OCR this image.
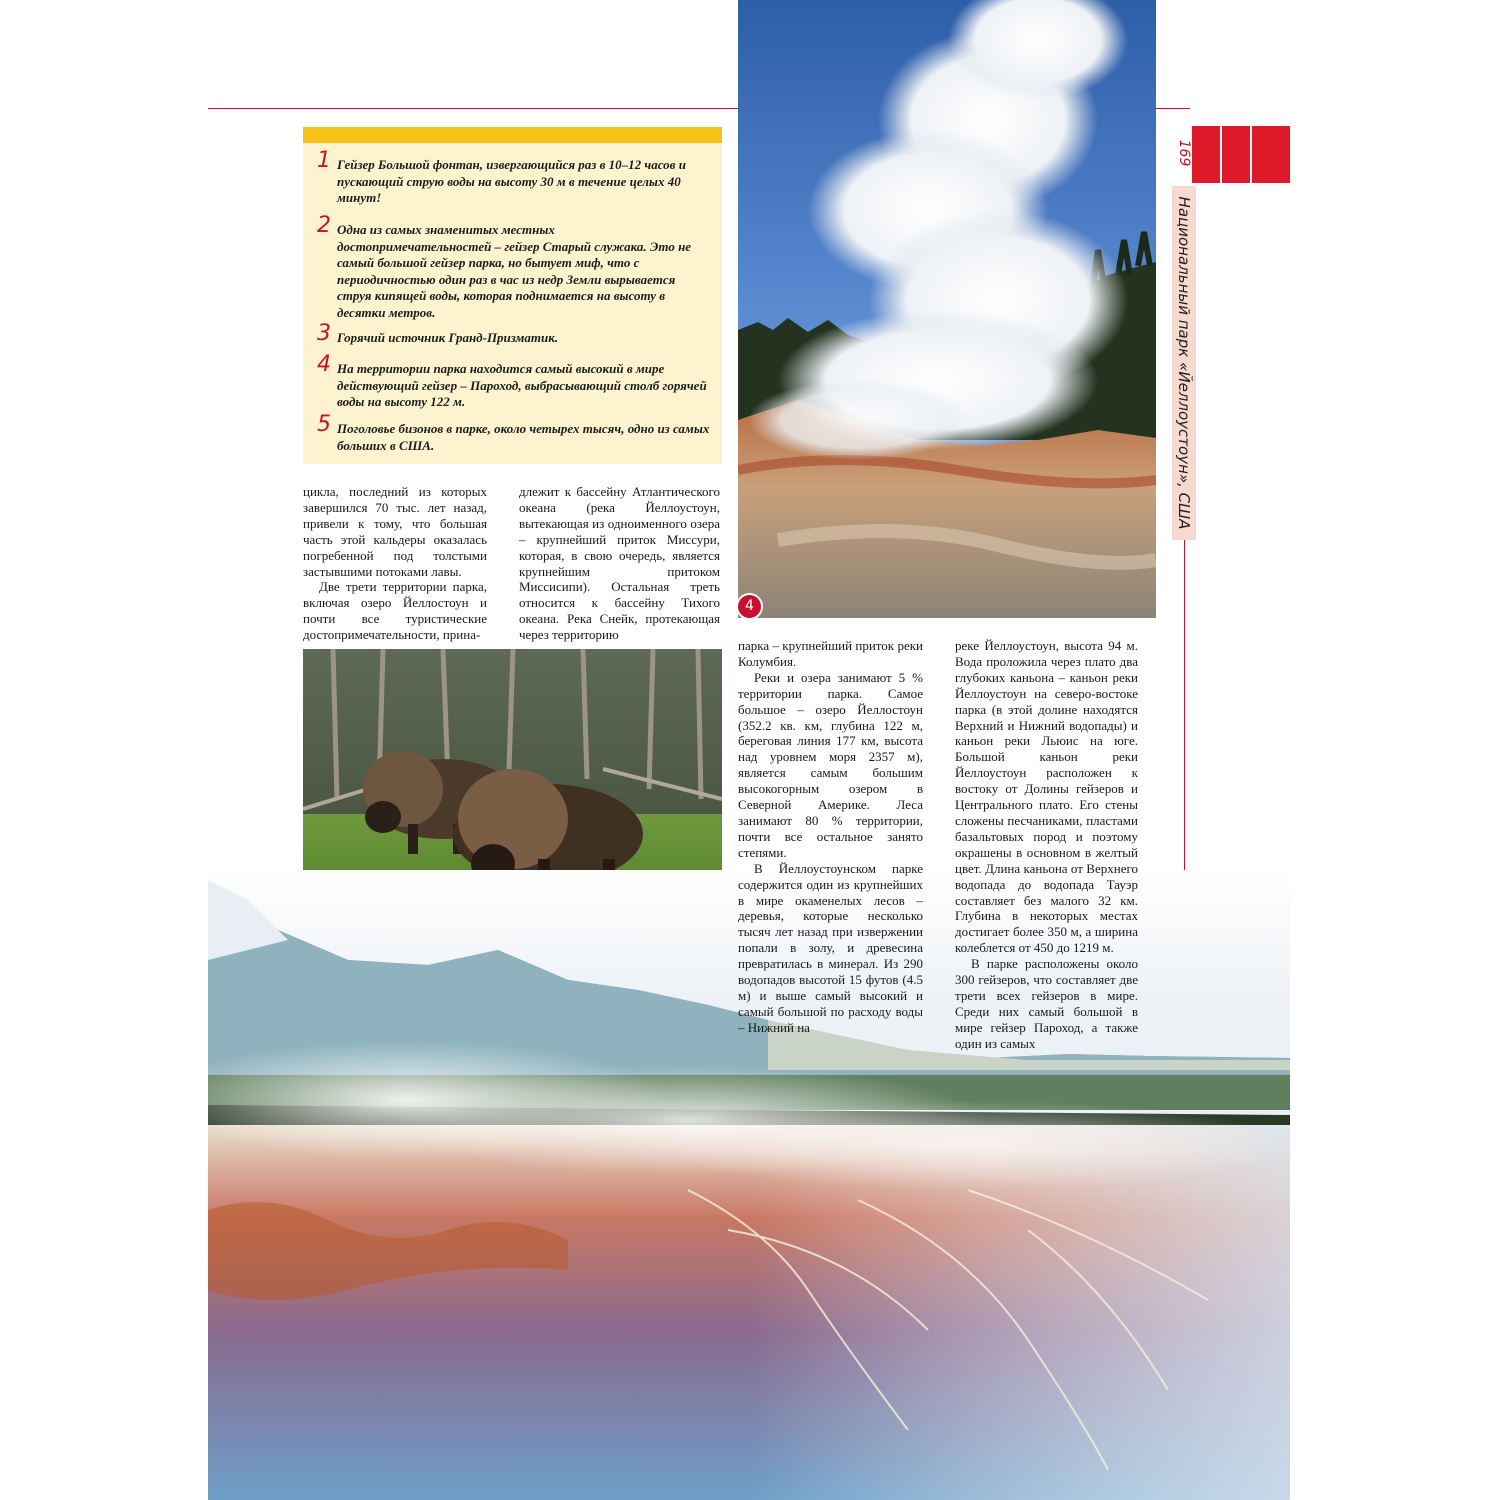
1 Гейзер Большой фонтан, извергающийся раз в 10–12 часов и пускающий струю воды на высоту 30 м в течение целых 40 минут!
2 Одна из самых знаменитых местных достопримечательностей – гейзер Старый служака. Это не самый большой гейзер парка, но бытует миф, что с периодичностью один раз в час из недр Земли вырывается струя кипящей воды, которая поднимается на высоту в десятки метров.
3 Горячий источник Гранд-Призматик.
4 На территории парка находится самый высокий в мире действующий гейзер – Пароход, выбрасывающий столб горячей воды на высоту 122 м.
5 Поголовье бизонов в парке, около четырех тысяч, одно из самых больших в США.

цикла, последний из которых завершился 70 тыс. лет назад, привели к тому, что большая часть этой кальдеры оказалась погребенной под толстыми застывшими потоками лавы.

Две трети территории парка, включая озеро Йеллостоун и почти все туристические достопримечательности, прина-

длежит к бассейну Атлантического океана (река Йеллоустоун, вытекающая из одноименного озера – крупнейший приток Миссури, которая, в свою очередь, является крупнейшим притоком Миссисипи). Остальная треть относится к бассейну Тихого океана. Река Снейк, протекающая через территорию

4

парка – крупнейший приток реки Колумбия.

Реки и озера занимают 5 % территории парка. Самое большое – озеро Йеллостоун (352.2 кв. км, глубина 122 м, береговая линия 177 км, высота над уровнем моря 2357 м), является самым большим высокогорным озером в Северной Америке. Леса занимают 80 % территории, почти все остальное занято степями.

В Йеллоустоунском парке содержится один из крупнейших в мире окаменелых лесов – деревья, которые несколько тысяч лет назад при извержении попали в золу, и древесина превратилась в минерал. Из 290 водопадов высотой 15 футов (4.5 м) и выше самый высокий и самый большой по расходу воды – Нижний на

реке Йеллоустоун, высота 94 м. Вода проложила через плато два глубоких каньона – каньон реки Йеллоустоун на северо-востоке парка (в этой долине находятся Верхний и Нижний водопады) и каньон реки Льюис на юге. Большой каньон реки Йеллоустоун расположен к востоку от Долины гейзеров и Центрального плато. Его стены сложены песчаниками, пластами базальтовых пород и поэтому окрашены в основном в желтый цвет. Длина каньона от Верхнего водопада до водопада Тауэр составляет без малого 32 км. Глубина в некоторых местах достигает более 350 м, а ширина колеблется от 450 до 1219 м.

В парке расположены около 300 гейзеров, что составляет две трети всех гейзеров в мире. Среди них самый большой в мире гейзер Пароход, а также один из самых

169
Национальный парк «Йеллоустоун», США
